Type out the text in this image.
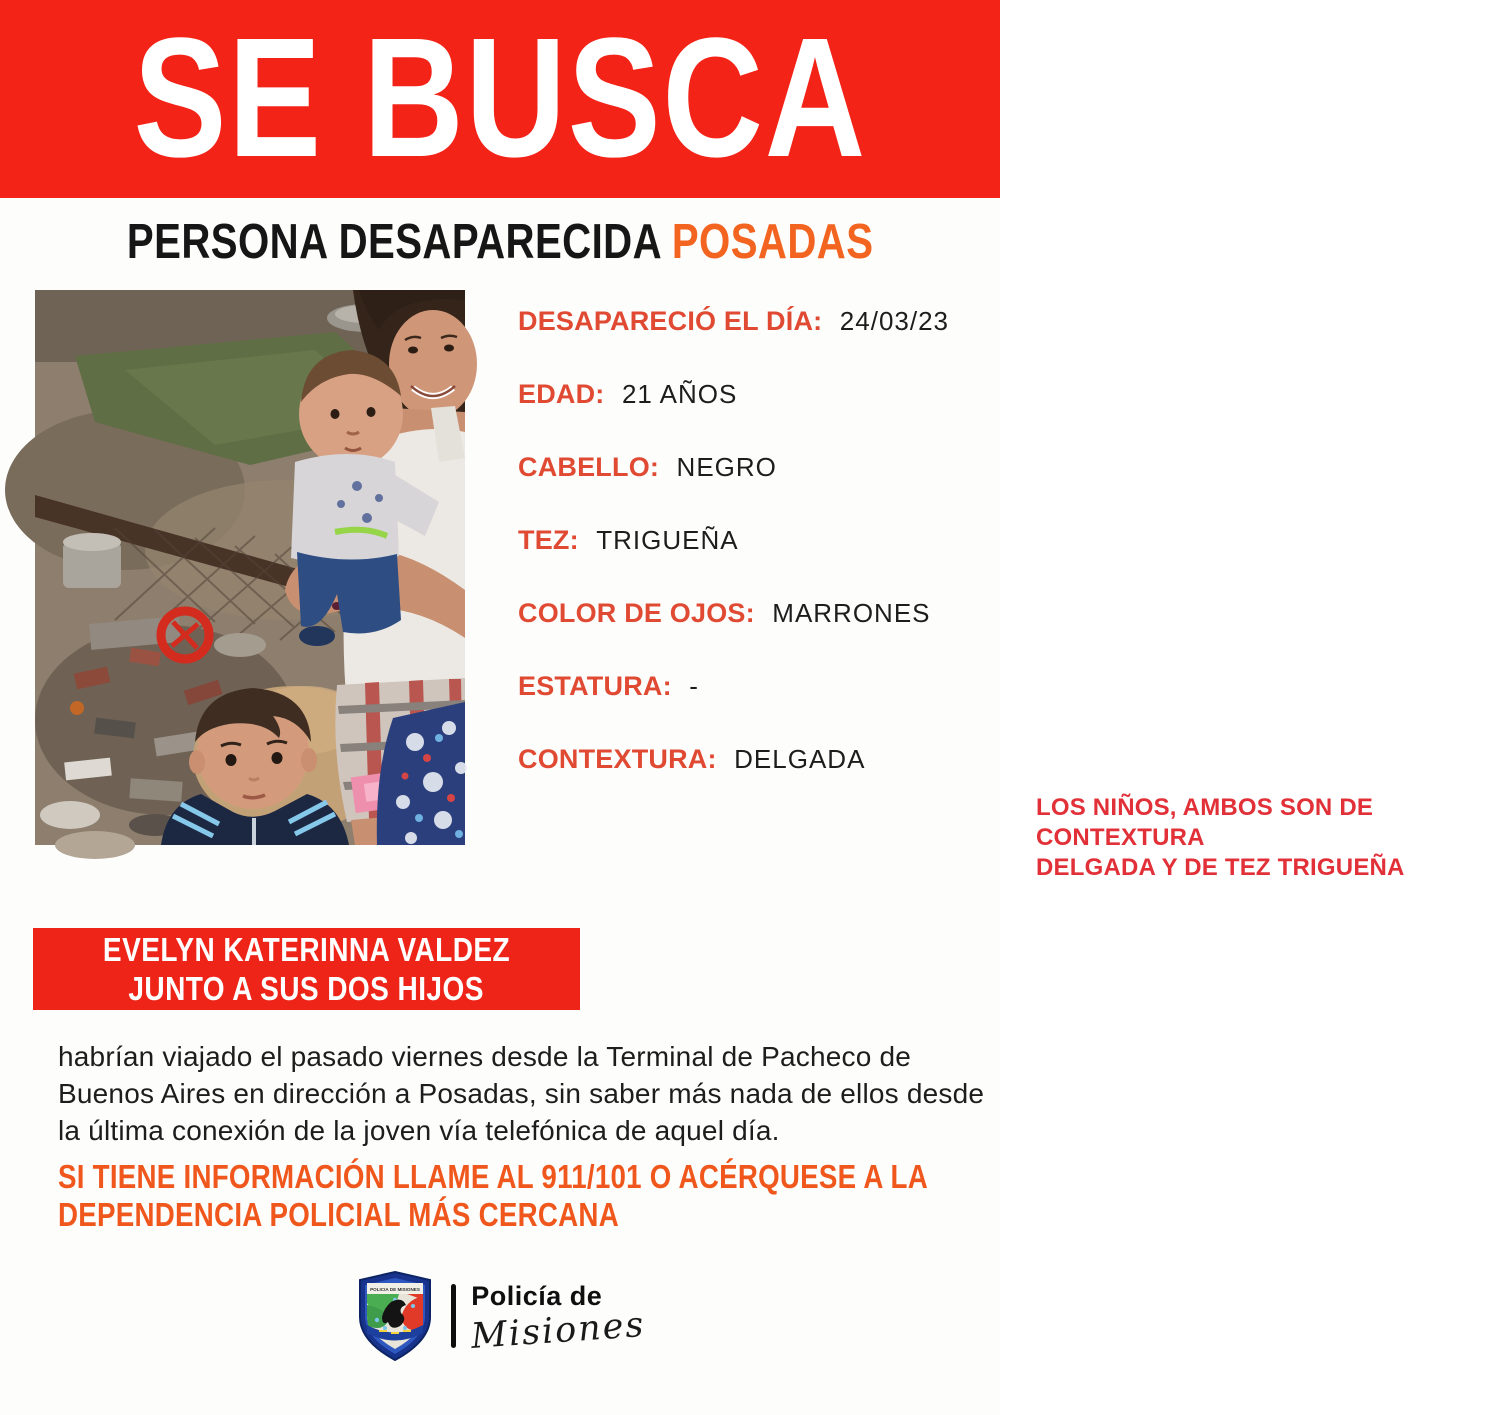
SE BUSCA
PERSONA DESAPARECIDA POSADAS
DESAPARECIÓ EL DÍA: 24/03/23
EDAD: 21 AÑOS
CABELLO: NEGRO
TEZ: TRIGUEÑA
COLOR DE OJOS: MARRONES
ESTATURA: -
CONTEXTURA: DELGADA
LOS NIÑOS, AMBOS SON DE CONTEXTURA
DELGADA Y DE TEZ TRIGUEÑA
EVELYN KATERINNA VALDEZ
JUNTO A SUS DOS HIJOS
habrían viajado el pasado viernes desde la Terminal de Pacheco de
Buenos Aires en dirección a Posadas, sin saber más nada de ellos desde
la última conexión de la joven vía telefónica de aquel día.
SI TIENE INFORMACIÓN LLAME AL 911/101 O ACÉRQUESE A LA
DEPENDENCIA POLICIAL MÁS CERCANA
POLICIA DE MISIONES Policía de
Misiones
